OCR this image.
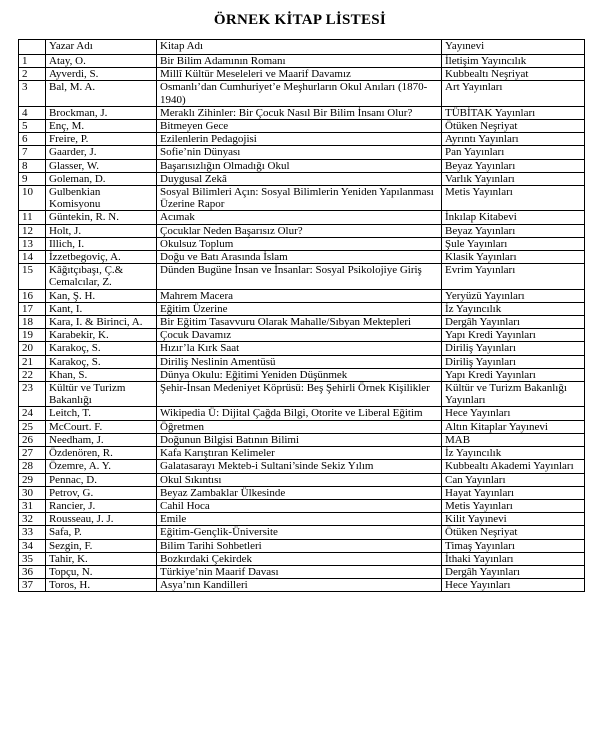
ÖRNEK KİTAP LİSTESİ
	Yazar Adı	Kitap Adı	Yayınevi
1	Atay, O.	Bir Bilim Adamının Romanı	İletişim Yayıncılık
2	Ayverdi, S.	Millî Kültür Meseleleri ve Maarif Davamız	Kubbealtı Neşriyat
3	Bal, M. A.	Osmanlı’dan Cumhuriyet’e Meşhurların Okul Anıları (1870-1940)	Art Yayınları
4	Brockman, J.	Meraklı Zihinler: Bir Çocuk Nasıl Bir Bilim İnsanı Olur?	TÜBİTAK Yayınları
5	Enç, M.	Bitmeyen Gece	Ötüken Neşriyat
6	Freire, P.	Ezilenlerin Pedagojisi	Ayrıntı Yayınları
7	Gaarder, J.	Sofie’nin Dünyası	Pan Yayınları
8	Glasser, W.	Başarısızlığın Olmadığı Okul	Beyaz Yayınları
9	Goleman, D.	Duygusal Zekâ	Varlık Yayınları
10	Gulbenkian Komisyonu	Sosyal Bilimleri Açın: Sosyal Bilimlerin Yeniden Yapılanması Üzerine Rapor	Metis Yayınları
11	Güntekin, R. N.	Acımak	İnkılap Kitabevi
12	Holt, J.	Çocuklar Neden Başarısız Olur?	Beyaz Yayınları
13	Illich, I.	Okulsuz Toplum	Şule Yayınları
14	İzzetbegoviç, A.	Doğu ve Batı Arasında İslam	Klasik Yayınları
15	Kâğıtçıbaşı, Ç.& Cemalcılar, Z.	Dünden Bugüne İnsan ve İnsanlar: Sosyal Psikolojiye Giriş	Evrim Yayınları
16	Kan, Ş. H.	Mahrem Macera	Yeryüzü Yayınları
17	Kant, I.	Eğitim Üzerine	İz Yayıncılık
18	Kara, I. & Birinci, A.	Bir Eğitim Tasavvuru Olarak Mahalle/Sıbyan Mektepleri	Dergâh Yayınları
19	Karabekir, K.	Çocuk Davamız	Yapı Kredi Yayınları
20	Karakoç, S.	Hızır’la Kırk Saat	Diriliş Yayınları
21	Karakoç, S.	Diriliş Neslinin Amentüsü	Diriliş Yayınları
22	Khan, S.	Dünya Okulu: Eğitimi Yeniden Düşünmek	Yapı Kredi Yayınları
23	Kültür ve Turizm Bakanlığı	Şehir-İnsan Medeniyet Köprüsü: Beş Şehirli Örnek Kişilikler	Kültür ve Turizm Bakanlığı Yayınları
24	Leitch, T.	Wikipedia Ü: Dijital Çağda Bilgi, Otorite ve Liberal Eğitim	Hece Yayınları
25	McCourt. F.	Öğretmen	Altın Kitaplar Yayınevi
26	Needham, J.	Doğunun Bilgisi Batının Bilimi	MAB
27	Özdenören, R.	Kafa Karıştıran Kelimeler	İz Yayıncılık
28	Özemre, A. Y.	Galatasarayı Mekteb-i Sultani’sinde Sekiz Yılım	Kubbealtı Akademi Yayınları
29	Pennac, D.	Okul Sıkıntısı	Can Yayınları
30	Petrov, G.	Beyaz Zambaklar Ülkesinde	Hayat Yayınları
31	Rancier, J.	Cahil Hoca	Metis Yayınları
32	Rousseau, J. J.	Emile	Kilit Yayınevi
33	Safa, P.	Eğitim-Gençlik-Üniversite	Ötüken Neşriyat
34	Sezgin, F.	Bilim Tarihi Sohbetleri	Timaş Yayınları
35	Tahir, K.	Bozkırdaki Çekirdek	İthaki Yayınları
36	Topçu, N.	Türkiye’nin Maarif Davası	Dergâh Yayınları
37	Toros, H.	Asya’nın Kandilleri	Hece Yayınları
